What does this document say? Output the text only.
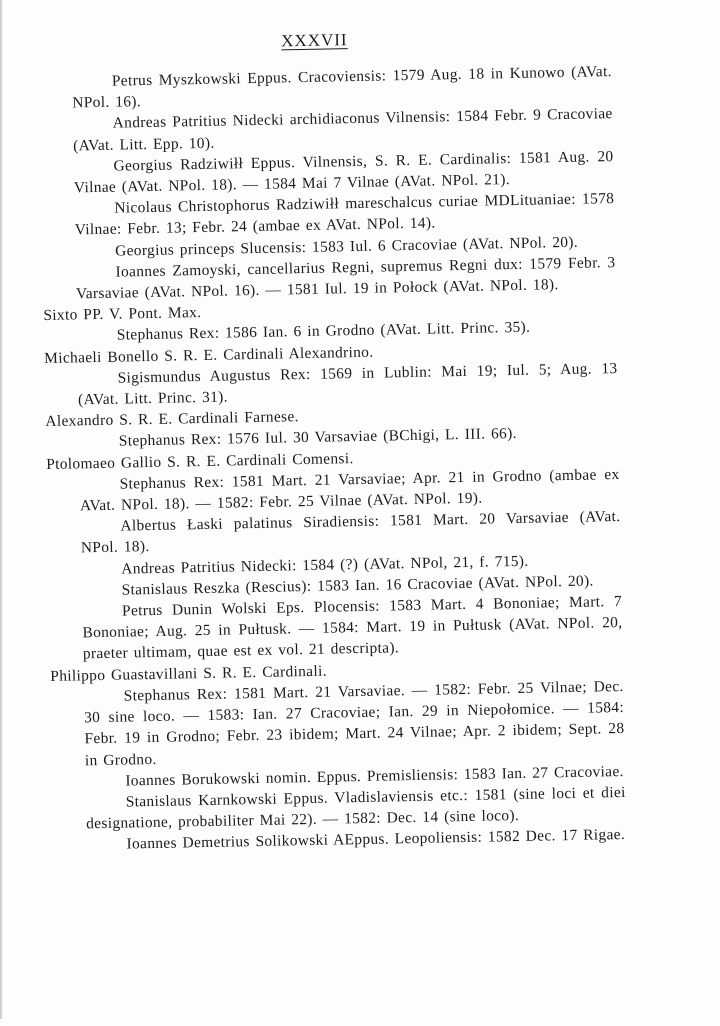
XXXVII

Petrus Myszkowski Eppus. Cracoviensis: 1579 Aug. 18 in Kunowo (AVat. NPol. 16).

Andreas Patritius Nidecki archidiaconus Vilnensis: 1584 Febr. 9 Cracoviae (AVat. Litt. Epp. 10).

Georgius Radziwiłł Eppus. Vilnensis, S. R. E. Cardinalis: 1581 Aug. 20 Vilnae (AVat. NPol. 18). — 1584 Mai 7 Vilnae (AVat. NPol. 21).

Nicolaus Christophorus Radziwiłł mareschalcus curiae MDLituaniae: 1578 Vilnae: Febr. 13; Febr. 24 (ambae ex AVat. NPol. 14).

Georgius princeps Slucensis: 1583 Iul. 6 Cracoviae (AVat. NPol. 20).

Ioannes Zamoyski, cancellarius Regni, supremus Regni dux: 1579 Febr. 3 Varsaviae (AVat. NPol. 16). — 1581 Iul. 19 in Połock (AVat. NPol. 18).

Sixto PP. V. Pont. Max.

Stephanus Rex: 1586 Ian. 6 in Grodno (AVat. Litt. Princ. 35).

Michaeli Bonello S. R. E. Cardinali Alexandrino.

Sigismundus Augustus Rex: 1569 in Lublin: Mai 19; Iul. 5; Aug. 13 (AVat. Litt. Princ. 31).

Alexandro S. R. E. Cardinali Farnese.

Stephanus Rex: 1576 Iul. 30 Varsaviae (BChigi, L. III. 66).

Ptolomaeo Gallio S. R. E. Cardinali Comensi.

Stephanus Rex: 1581 Mart. 21 Varsaviae; Apr. 21 in Grodno (ambae ex AVat. NPol. 18). — 1582: Febr. 25 Vilnae (AVat. NPol. 19).

Albertus Łaski palatinus Siradiensis: 1581 Mart. 20 Varsaviae (AVat. NPol. 18).

Andreas Patritius Nidecki: 1584 (?) (AVat. NPol, 21, f. 715).

Stanislaus Reszka (Rescius): 1583 Ian. 16 Cracoviae (AVat. NPol. 20).

Petrus Dunin Wolski Eps. Plocensis: 1583 Mart. 4 Bononiae; Mart. 7 Bononiae; Aug. 25 in Pułtusk. — 1584: Mart. 19 in Pułtusk (AVat. NPol. 20, praeter ultimam, quae est ex vol. 21 descripta).

Philippo Guastavillani S. R. E. Cardinali.

Stephanus Rex: 1581 Mart. 21 Varsaviae. — 1582: Febr. 25 Vilnae; Dec. 30 sine loco. — 1583: Ian. 27 Cracoviae; Ian. 29 in Niepołomice. — 1584: Febr. 19 in Grodno; Febr. 23 ibidem; Mart. 24 Vilnae; Apr. 2 ibidem; Sept. 28 in Grodno.

Ioannes Borukowski nomin. Eppus. Premisliensis: 1583 Ian. 27 Cracoviae.

Stanislaus Karnkowski Eppus. Vladislaviensis etc.: 1581 (sine loci et diei designatione, probabiliter Mai 22). — 1582: Dec. 14 (sine loco).

Ioannes Demetrius Solikowski AEppus. Leopoliensis: 1582 Dec. 17 Rigae.
